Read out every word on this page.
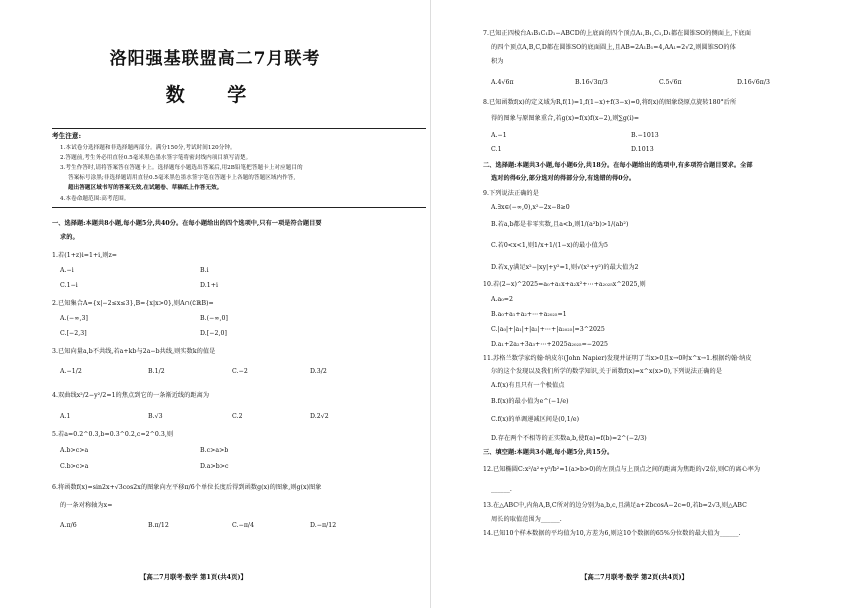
洛阳强基联盟高二7月联考
数 学
考生注意:
1.本试卷分选择题和非选择题两部分。满分150分,考试时间120分钟。
2.答题前,考生务必用直径0.5毫米黑色墨水签字笔将密封线内项目填写清楚。
3.考生作答时,请将答案答在答题卡上。选择题每小题选出答案后,用2B铅笔把答题卡上对应题目的
答案标号涂黑;非选择题请用直径0.5毫米黑色墨水签字笔在答题卡上各题的答题区域内作答,
超出答题区域书写的答案无效,在试题卷、草稿纸上作答无效。
4.本卷命题范围:高考范围。
一、选择题:本题共8小题,每小题5分,共40分。在每小题给出的四个选项中,只有一项是符合题目要
求的。
1.若(1+z)i=1+i,则z=
A.−i	B.i
C.1−i	D.1+i
2.已知集合A={x|−2≤x≤3},B={x|x>0},则A∩(∁ℝB)=
A.(−∞,3]	B.(−∞,0]
C.[−2,3]	D.[−2,0]
3.已知向量a,b不共线,若a+kb与2a−b共线,则实数k的值是
A.−1/2	B.1/2	C.−2	D.3/2
4.双曲线x²/2−y²/2=1的焦点到它的一条渐近线的距离为
A.1	B.√3	C.2	D.2√2
5.若a=0.2^0.3,b=0.3^0.2,c=2^0.3,则
A.b>c>a	B.c>a>b
C.b>c>a	D.a>b>c
6.将函数f(x)=sin2x+√3cos2x的图象向左平移π/6个单位长度后得到函数g(x)的图象,则g(x)图象
的一条对称轴为x=
A.π/6	B.π/12	C.−π/4	D.−π/12
【高二7月联考·数学 第1页(共4页)】
7.已知正四棱台A₁B₁C₁D₁−ABCD的上底面的四个顶点A₁,B₁,C₁,D₁都在圆锥SO的侧面上,下底面
的四个顶点A,B,C,D都在圆锥SO的底面圆上,且AB=2A₁B₁=4,AA₁=2√2,则圆锥SO的体
积为
A.4√6π	B.16√3π/3	C.5√6π	D.16√6π/3
8.已知函数f(x)的定义域为R,f(1)=1,f(1−x)+f(3−x)=0,将f(x)的图象绕原点旋转180°后所
得的图象与原图象重合,若g(x)=f(x)f(x−2),则∑g(i)=
A.−1	B.−1013
C.1	D.1013
二、选择题:本题共3小题,每小题6分,共18分。在每小题给出的选项中,有多项符合题目要求。全部
选对的得6分,部分选对的得部分分,有选错的得0分。
9.下列说法正确的是
A.∃x∈(−∞,0),x²−2x−8≥0
B.若a,b都是非零实数,且a<b,则1/(a²b)>1/(ab²)
C.若0<x<1,则1/x+1/(1−x)的最小值为5
D.若x,y满足x²−|xy|+y²=1,则√(x²+y²)的最大值为2
10.若(2−x)^2025=a₀+a₁x+a₂x²+⋯+a₂₀₂₅x^2025,则
A.a₀=2
B.a₀+a₁+a₂+⋯+a₂₀₂₅=1
C.|a₀|+|a₁|+|a₂|+⋯+|a₂₀₂₅|=3^2025
D.a₁+2a₂+3a₃+⋯+2025a₂₀₂₅=−2025
11.苏格兰数学家约翰·纳皮尔(John Napier)发现并证明了当x>0且x→0时x^x→1.根据约翰·纳皮
尔的这个发现以及我们所学的数学知识,关于函数f(x)=x^x(x>0),下列说法正确的是
A.f(x)有且只有一个极值点
B.f(x)的最小值为e^(−1/e)
C.f(x)的单调递减区间是(0,1/e)
D.存在两个不相等的正实数a,b,使f(a)=f(b)=2^(−2/3)
三、填空题:本题共3小题,每小题5分,共15分。
12.已知椭圆C:x²/a²+y²/b²=1(a>b>0)的左顶点与上顶点之间的距离为焦距的√2倍,则C的离心率为
______.
13.在△ABC中,内角A,B,C所对的边分别为a,b,c,且满足a+2bcosA−2c=0,若b=2√3,则△ABC
周长的取值范围为______.
14.已知10个样本数据的平均值为10,方差为6,则这10个数据的65%分位数的最大值为______.
【高二7月联考·数学 第2页(共4页)】
